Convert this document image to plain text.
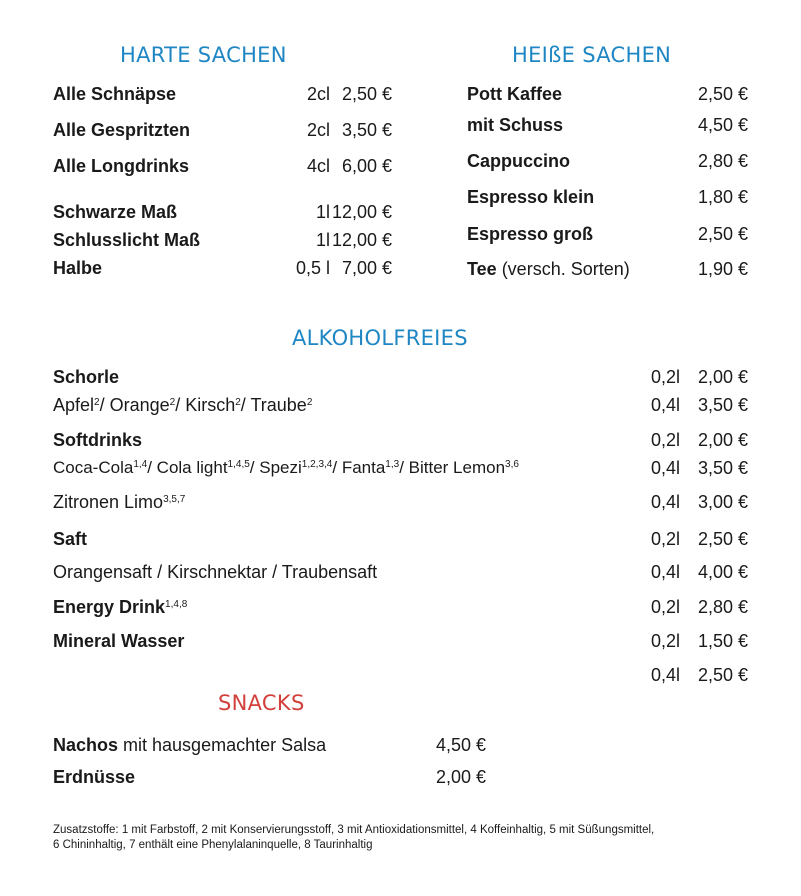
HARTE SACHEN
Alle Schnäpse	2cl 2,50 €
Alle Gespritzten	2cl 3,50 €
Alle Longdrinks	4cl 6,00 €
Schwarze Maß	1l 12,00 €
Schlusslicht Maß	1l 12,00 €
Halbe	0,5 l 7,00 €
HEIßE SACHEN
Pott Kaffee	2,50 €
mit Schuss	4,50 €
Cappuccino	2,80 €
Espresso klein	1,80 €
Espresso groß	2,50 €
Tee (versch. Sorten)	1,90 €
ALKOHOLFREIES
Schorle	0,2l 2,00 €
Apfel$^2$/ Orange$^2$/ Kirsch$^2$/ Traube$^2$	0,4l 3,50 €
Softdrinks	0,2l 2,00 €
Coca-Cola$^{1,4}$/ Cola light$^{1,4,5}$/ Spezi$^{1,2,3,4}$/ Fanta$^{1,3}$/ Bitter Lemon$^{3,6}$	0,4l 3,50 €
Zitronen Limo$^{3,5,7}$	0,4l 3,00 €
Saft	0,2l 2,50 €
Orangensaft / Kirschnektar / Traubensaft	0,4l 4,00 €
Energy Drink$^{1,4,8}$	0,2l 2,80 €
Mineral Wasser	0,2l 1,50 €
0,4l 2,50 €
SNACKS
Nachos mit hausgemachter Salsa	4,50 €
Erdnüsse	2,00 €
Zusatzstoffe: 1 mit Farbstoff, 2 mit Konservierungsstoff, 3 mit Antioxidationsmittel, 4 Koffeinhaltig, 5 mit Süßungsmittel,
6 Chininhaltig, 7 enthält eine Phenylalaninquelle, 8 Taurinhaltig
